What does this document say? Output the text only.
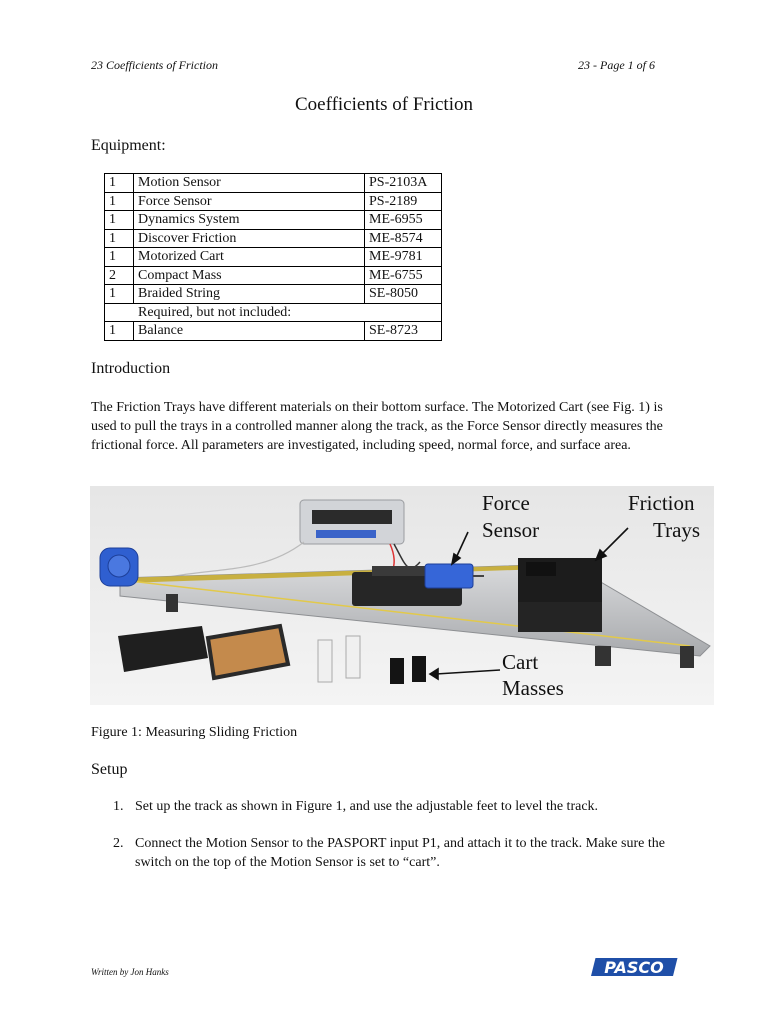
23 Coefficients of Friction	23 - Page 1 of 6
Coefficients of Friction
Equipment:
1	Motion Sensor	PS-2103A
1	Force Sensor	PS-2189
1	Dynamics System	ME-6955
1	Discover Friction	ME-8574
1	Motorized Cart	ME-9781
2	Compact Mass	ME-6755
1	Braided String	SE-8050
Required, but not included:		
1	Balance	SE-8723
Introduction
The Friction Trays have different materials on their bottom surface. The Motorized Cart (see Fig. 1) is used to pull the trays in a controlled manner along the track, as the Force Sensor directly measures the frictional force. All parameters are investigated, including speed, normal force, and surface area.
Force
Sensor
Friction
Trays
Cart
Masses
Figure 1: Measuring Sliding Friction
Setup
1. Set up the track as shown in Figure 1, and use the adjustable feet to level the track.
2. Connect the Motion Sensor to the PASPORT input P1, and attach it to the track. Make sure the switch on the top of the Motion Sensor is set to “cart”.
Written by Jon Hanks	PASCO
